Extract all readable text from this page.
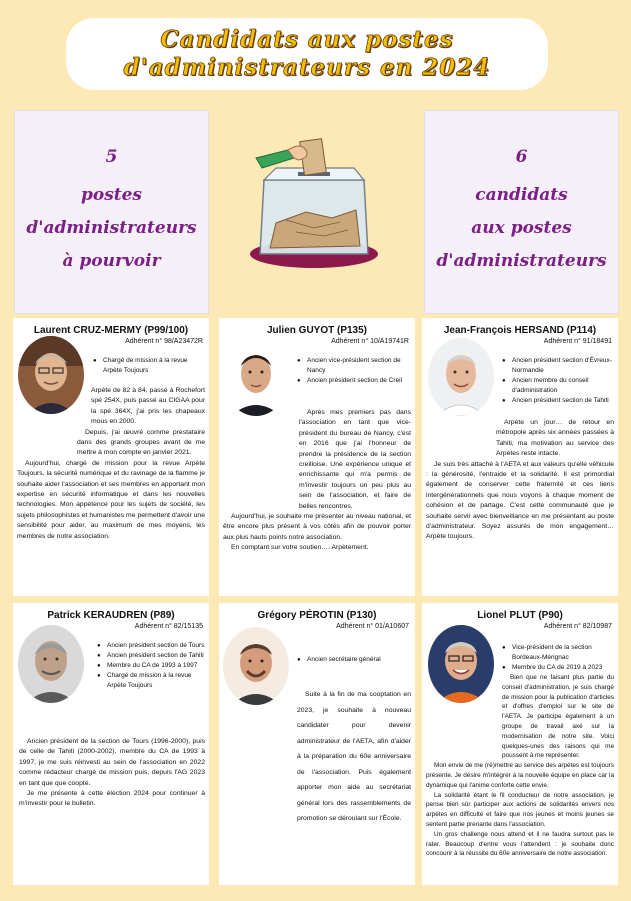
Candidats aux postes
d'administrateurs en 2024
5
postes
d'administrateurs
à pourvoir
6
candidats
aux postes
d'administrateurs
Laurent CRUZ-MERMY (P99/100)
Adhérent n° 98/A23472R
● Chargé de mission à la revue Arpète Toujours

Arpète de 82 à 84, passé à Rochefort spé 254X, puis passé au CIGAA pour la spé 364X, j'ai pris les chapeaux mous en 2000.

Depuis, j'ai œuvré comme prestataire dans des grands groupes avant de me mettre à mon compte en janvier 2021.

Aujourd'hui, chargé de mission pour la revue Arpète Toujours, la sécurité numérique et du ravinage de la flamme je souhaite aider l'association et ses membres en apportant mon expertise en sécurité informatique et dans les nouvelles technologies. Mon appétence pour les sujets de société, les sujets philosophistes et humanistes me permettent d'avoir une sensibilité pour aider, au maximum de mes moyens, les membres de notre association.

Julien GUYOT (P135)
Adhérent n° 10/A19741R
● Ancien vice-président section de Nancy
● Ancien président section de Creil

Après mes premiers pas dans l'association en tant que vice-président du bureau de Nancy, c'est en 2016 que j'ai l'honneur de prendre la présidence de la section creilloise. Une expérience unique et enrichissante qui m'a permis de m'investir toujours un peu plus au sein de l'association, et faire de belles rencontres.

Aujourd'hui, je souhaite me présenter au niveau national, et être encore plus présent à vos côtés afin de pouvoir porter aux plus hauts points notre association.

En comptant sur votre soutien…. Arpètement.

Jean-François HERSAND (P114)
Adhérent n° 91/18491
● Ancien président section d'Évreux-Normandie
● Ancien membre du conseil d'administration
● Ancien président section de Tahiti

Arpète un jour… de retour en métropole après six années passées à Tahiti, ma motivation au service des Arpètes reste intacte.

Je suis très attaché à l'AETA et aux valeurs qu'elle véhicule : la générosité, l'entraide et la solidarité. Il est primordial également de conserver cette fraternité et ces liens intergénérationnels que nous voyons à chaque moment de cohésion et de partage. C'est cette communauté que je souhaite servir avec bienveillance en me présentant au poste d'administrateur. Soyez assurés de mon engagement… Arpète toujours.

Patrick KERAUDREN (P89)
Adhérent n° 82/15135
● Ancien président section de Tours
● Ancien président section de Tahiti
● Membre du CA de 1993 à 1997
● Chargé de mission à la revue Arpète Toujours

Ancien président de la section de Tours (1996-2000), puis de celle de Tahiti (2000-2002), membre du CA de 1993 à 1997, je me suis réinvesti au sein de l'association en 2022 comme rédacteur chargé de mission puis, depuis l'AG 2023 en tant que que coopté.

Je me présente à cette élection 2024 pour continuer à m'investir pour le bulletin.

Grégory PÉROTIN (P130)
Adhérent n° 01/A10607
● Ancien secrétaire général

Suite à la fin de ma cooptation en 2023, je souhaite à nouveau candidater pour devenir administrateur de l'AETA, afin d'aider à la préparation du 60e anniversaire de l'association. Puis également apporter mon aide au secrétariat général lors des rassemblements de promotion se déroulant sur l'École.

Lionel PLUT (P90)
Adhérent n° 82/10987
● Vice-président de la section Bordeaux-Mérignac
● Membre du CA de 2019 à 2023

Bien que ne faisant plus partie du conseil d'administration, je suis chargé de mission pour la publication d'articles et d'offres d'emploi sur le site de l'AETA. Je participe également à un groupe de travail axé sur la modernisation de notre site. Voici quelques-unes des raisons qui me poussent à me représenter.

Mon envie de me (ré)mettre au service des arpètes est toujours présente. Je désire m'intégrer à la nouvelle équipe en place car la dynamique qui l'anime conforte cette envie.

La solidarité étant le fil conducteur de notre association, je pense bien sûr participer aux actions de solidarités envers nos arpètes en difficulté et faire que nos jeunes et moins jeunes se sentent partie prenante dans l'association.

Un gros challenge nous attend et il ne faudra surtout pas le rater. Beaucoup d'entre vous l'attendent : je souhaite donc concourir à la réussite du 60e anniversaire de notre association.
